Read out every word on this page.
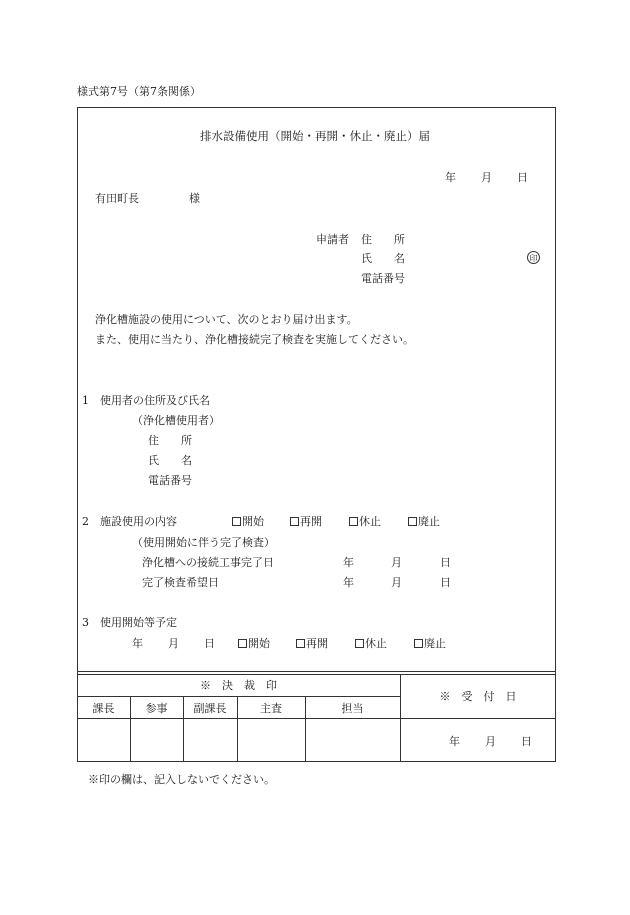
様式第7号（第7条関係）
排水設備使用（開始・再開・休止・廃止）届
年 月 日
有田町長	様
申請者 住　　所
氏　　名	印
電話番号
浄化槽施設の使用について、次のとおり届け出ます。
また、使用に当たり、浄化槽接続完了検査を実施してください。
1　使用者の住所及び氏名
（浄化槽使用者）
住　　所
氏　　名
電話番号
2　施設使用の内容	開始	再開	休止	廃止
（使用開始に伴う完了検査）
浄化槽への接続工事完了日	年	月	日
完了検査希望日	年	月	日
3　使用開始等予定
年 月 日	開始	再開	休止	廃止
※　決　裁　印
課長	参事	副課長	主査	担当
※　受　付　日
年 月 日
※印の欄は、記入しないでください。
